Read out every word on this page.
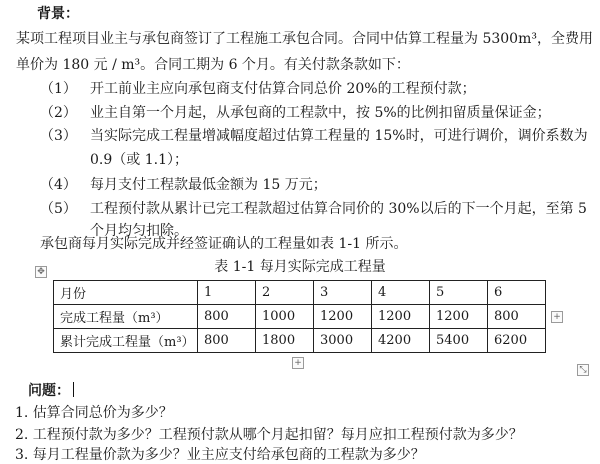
背景：
某项工程项目业主与承包商签订了工程施工承包合同。合同中估算工程量为 5300m³，全费用
单价为 180 元 / m³。合同工期为 6 个月。有关付款条款如下：
（1） 开工前业主应向承包商支付估算合同总价 20%的工程预付款；
（2） 业主自第一个月起，从承包商的工程款中，按 5%的比例扣留质量保证金；
（3） 当实际完成工程量增减幅度超过估算工程量的 15%时，可进行调价，调价系数为
0.9（或 1.1）；
（4） 每月支付工程款最低金额为 15 万元；
（5） 工程预付款从累计已完工程款超过估算合同价的 30%以后的下一个月起，至第 5
个月均匀扣除。
承包商每月实际完成并经签证确认的工程量如表 1-1 所示。
✥	表 1-1 每月实际完成工程量
月份	1	2	3	4	5	6
完成工程量（m³）	800	1000	1200	1200	1200	800
累计完成工程量（m³）	800	1800	3000	4200	5400	6200
+
+
⤡
问题：
1. 估算合同总价为多少？
2. 工程预付款为多少？工程预付款从哪个月起扣留？每月应扣工程预付款为多少？
3. 每月工程量价款为多少？业主应支付给承包商的工程款为多少？
